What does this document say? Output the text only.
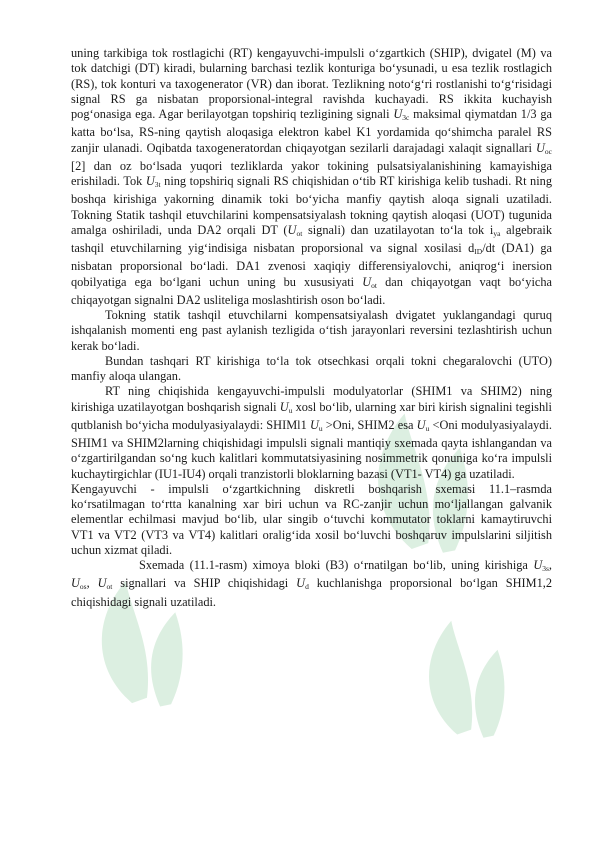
uning tarkibiga tok rostlagichi (RT) kengayuvchi-impulsli o‘zgartkich (SHIP), dvigatel (M) va tok datchigi (DT) kiradi, bularning barchasi tezlik konturiga bo‘ysunadi, u esa tezlik rostlagich (RS), tok konturi va taxogenerator (VR) dan iborat. Tezlikning noto‘g‘ri rostlanishi to‘g‘risidagi signal RS ga nisbatan proporsional-integral ravishda kuchayadi. RS ikkita kuchayish pog‘onasiga ega. Agar berilayotgan topshiriq tezligining signali $U_{3c}$ maksimal qiymatdan 1/3 ga katta bo‘lsa, RS-ning qaytish aloqasiga elektron kabel K1 yordamida qo‘shimcha paralel RS zanjir ulanadi. Oqibatda taxogeneratordan chiqayotgan sezilarli darajadagi xalaqit signallari $U_{oc}$ [2] dan oz bo‘lsada yuqori tezliklarda yakor tokining pulsatsiyalanishining kamayishiga erishiladi. Tok $U_{3t}$ ning topshiriq signali RS chiqishidan o‘tib RT kirishiga kelib tushadi. Rt ning boshqa kirishiga yakorning dinamik toki bo‘yicha manfiy qaytish aloqa signali uzatiladi. Tokning Statik tashqil etuvchilarini kompensatsiyalash tokning qaytish aloqasi (UOT) tugunida amalga oshiriladi, unda DA2 orqali DT ($U_{ot}$ signali) dan uzatilayotan to‘la tok $i_{ya}$ algebraik tashqil etuvchilarning yig‘indisiga nisbatan proporsional va signal xosilasi $d_{ID}/dt$ (DA1) ga nisbatan proporsional bo‘ladi. DA1 zvenosi xaqiqiy differensiyalovchi, aniqrog‘i inersion qobilyatiga ega bo‘lgani uchun uning bu xususiyati $U_{ot}$ dan chiqayotgan vaqt bo‘yicha chiqayotgan signalni DA2 usliteliga moslashtirish oson bo‘ladi.

Tokning statik tashqil etuvchilarni kompensatsiyalash dvigatet yuklangandagi quruq ishqalanish momenti eng past aylanish tezligida o‘tish jarayonlari reversini tezlashtirish uchun kerak bo‘ladi.

Bundan tashqari RT kirishiga to‘la tok otsechkasi orqali tokni chegaralovchi (UTO) manfiy aloqa ulangan.

RT ning chiqishida kengayuvchi-impulsli modulyatorlar (SHIM1 va SHIM2) ning kirishiga uzatilayotgan boshqarish signali $U_u$ xosl bo‘lib, ularning xar biri kirish signalini tegishli qutblanish bo‘yicha modulyasiyalaydi: SHIMl1 $U_u >Oni$, SHIM2 esa $U_u <Oni$ modulyasiyalaydi. SHIM1 va SHIM2larning chiqishidagi impulsli signali mantiqiy sxemada qayta ishlangandan va o‘zgartirilgandan so‘ng kuch kalitlari kommutatsiyasining nosimmetrik qonuniga ko‘ra impulsli kuchaytirgichlar (IU1-IU4) orqali tranzistorli bloklarning bazasi (VT1- VT4) ga uzatiladi.

Kengayuvchi - impulsli o‘zgartkichning diskretli boshqarish sxemasi 11.1–rasmda ko‘rsatilmagan to‘rtta kanalning xar biri uchun va RC-zanjir uchun mo‘ljallangan galvanik elementlar echilmasi mavjud bo‘lib, ular singib o‘tuvchi kommutator toklarni kamaytiruvchi VT1 va VT2 (VT3 va VT4) kalitlari oralig‘ida xosil bo‘luvchi boshqaruv impulslarini siljitish uchun xizmat qiladi.

Sxemada (11.1-rasm) ximoya bloki (B3) o‘rnatilgan bo‘lib, uning kirishiga $U_{3s}$, $U_{os}$, $U_{ot}$ signallari va SHIP chiqishidagi $U_d$ kuchlanishga proporsional bo‘lgan SHIM1,2 chiqishidagi signali uzatiladi.
